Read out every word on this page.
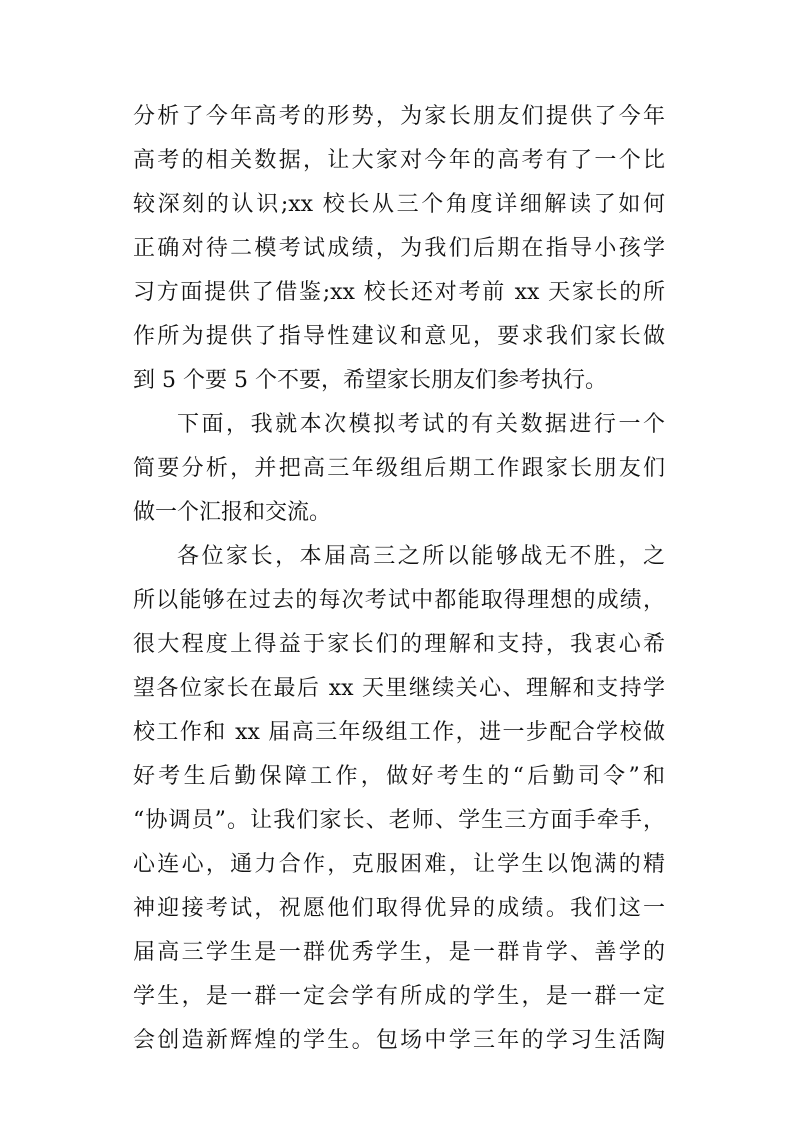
分析了今年高考的形势，为家长朋友们提供了今年
高考的相关数据，让大家对今年的高考有了一个比
较深刻的认识;xx 校长从三个角度详细解读了如何
正确对待二模考试成绩，为我们后期在指导小孩学
习方面提供了借鉴;xx 校长还对考前 xx 天家长的所
作所为提供了指导性建议和意见，要求我们家长做
到 5 个要 5 个不要，希望家长朋友们参考执行。
下面，我就本次模拟考试的有关数据进行一个
简要分析，并把高三年级组后期工作跟家长朋友们
做一个汇报和交流。
各位家长，本届高三之所以能够战无不胜，之
所以能够在过去的每次考试中都能取得理想的成绩，
很大程度上得益于家长们的理解和支持，我衷心希
望各位家长在最后 xx 天里继续关心、理解和支持学
校工作和 xx 届高三年级组工作，进一步配合学校做
好考生后勤保障工作，做好考生的“后勤司令”和
“协调员”。让我们家长、老师、学生三方面手牵手，
心连心，通力合作，克服困难，让学生以饱满的精
神迎接考试，祝愿他们取得优异的成绩。我们这一
届高三学生是一群优秀学生，是一群肯学、善学的
学生，是一群一定会学有所成的学生，是一群一定
会创造新辉煌的学生。包场中学三年的学习生活陶
